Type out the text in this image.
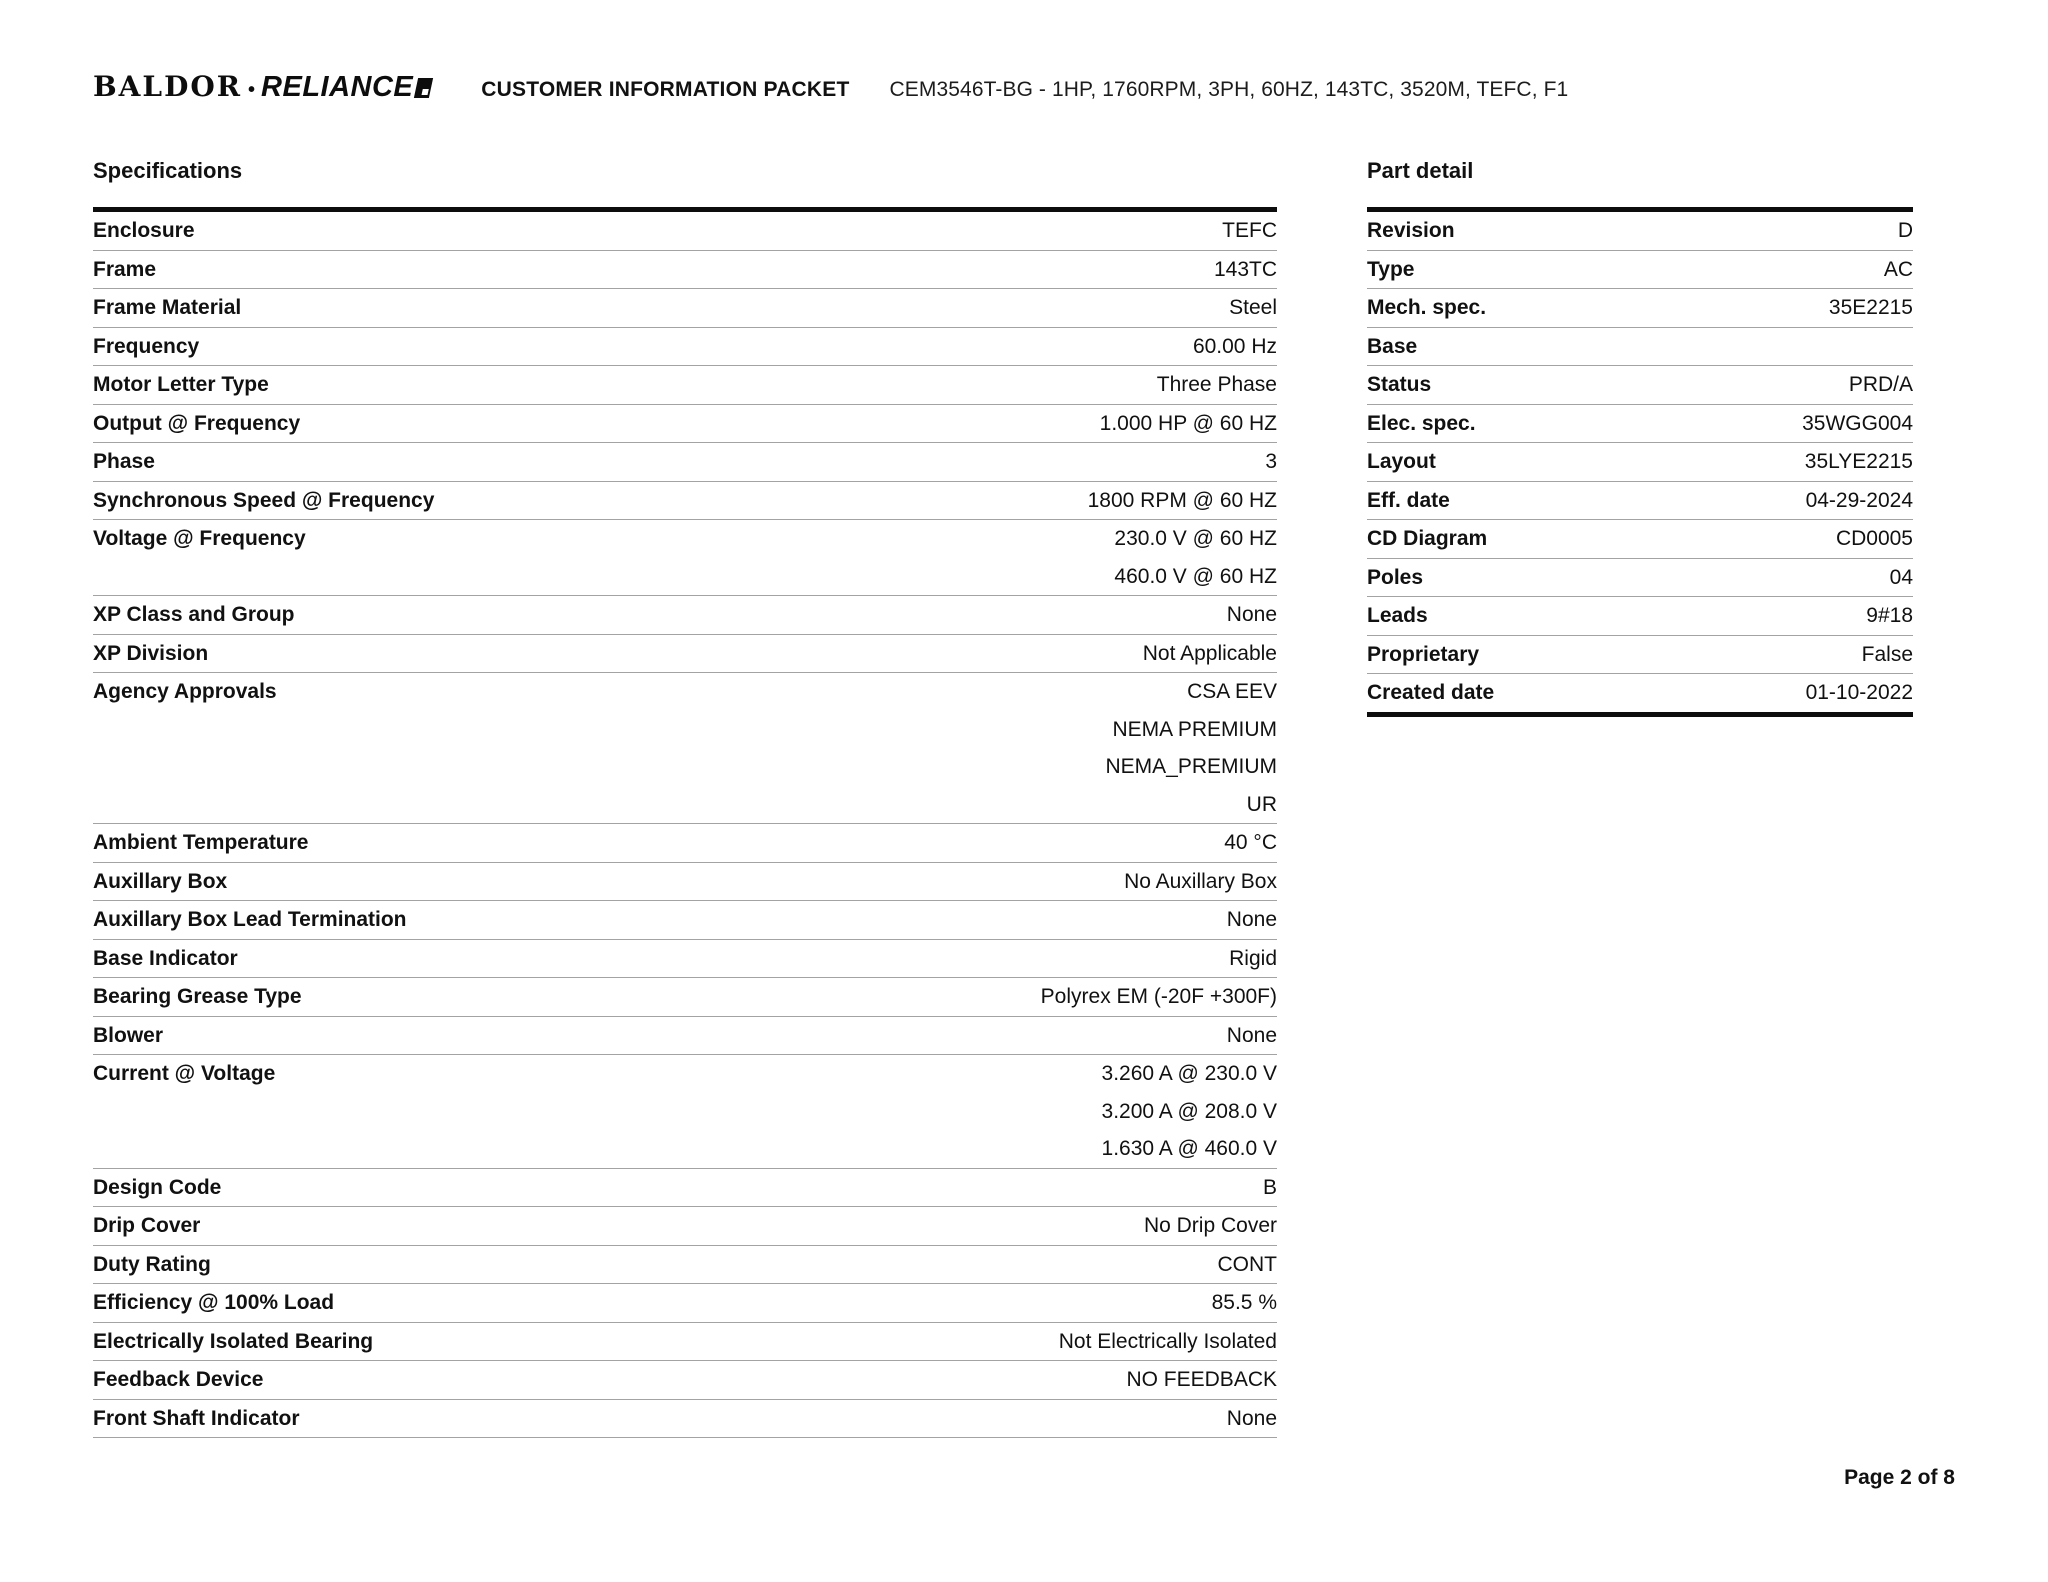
BALDOR • RELIANCE	CUSTOMER INFORMATION PACKET CEM3546T-BG - 1HP, 1760RPM, 3PH, 60HZ, 143TC, 3520M, TEFC, F1
Specifications
Enclosure	TEFC
Frame	143TC
Frame Material	Steel
Frequency	60.00 Hz
Motor Letter Type	Three Phase
Output @ Frequency	1.000 HP @ 60 HZ
Phase	3
Synchronous Speed @ Frequency	1800 RPM @ 60 HZ
Voltage @ Frequency	230.0 V @ 60 HZ
460.0 V @ 60 HZ
XP Class and Group	None
XP Division	Not Applicable
Agency Approvals	CSA EEV
NEMA PREMIUM
NEMA_PREMIUM
UR
Ambient Temperature	40 °C
Auxillary Box	No Auxillary Box
Auxillary Box Lead Termination	None
Base Indicator	Rigid
Bearing Grease Type	Polyrex EM (-20F +300F)
Blower	None
Current @ Voltage	3.260 A @ 230.0 V
3.200 A @ 208.0 V
1.630 A @ 460.0 V
Design Code	B
Drip Cover	No Drip Cover
Duty Rating	CONT
Efficiency @ 100% Load	85.5 %
Electrically Isolated Bearing	Not Electrically Isolated
Feedback Device	NO FEEDBACK
Front Shaft Indicator	None
Part detail
Revision	D
Type	AC
Mech. spec.	35E2215
Base
Status	PRD/A
Elec. spec.	35WGG004
Layout	35LYE2215
Eff. date	04-29-2024
CD Diagram	CD0005
Poles	04
Leads	9#18
Proprietary	False
Created date	01-10-2022
Page 2 of 8
